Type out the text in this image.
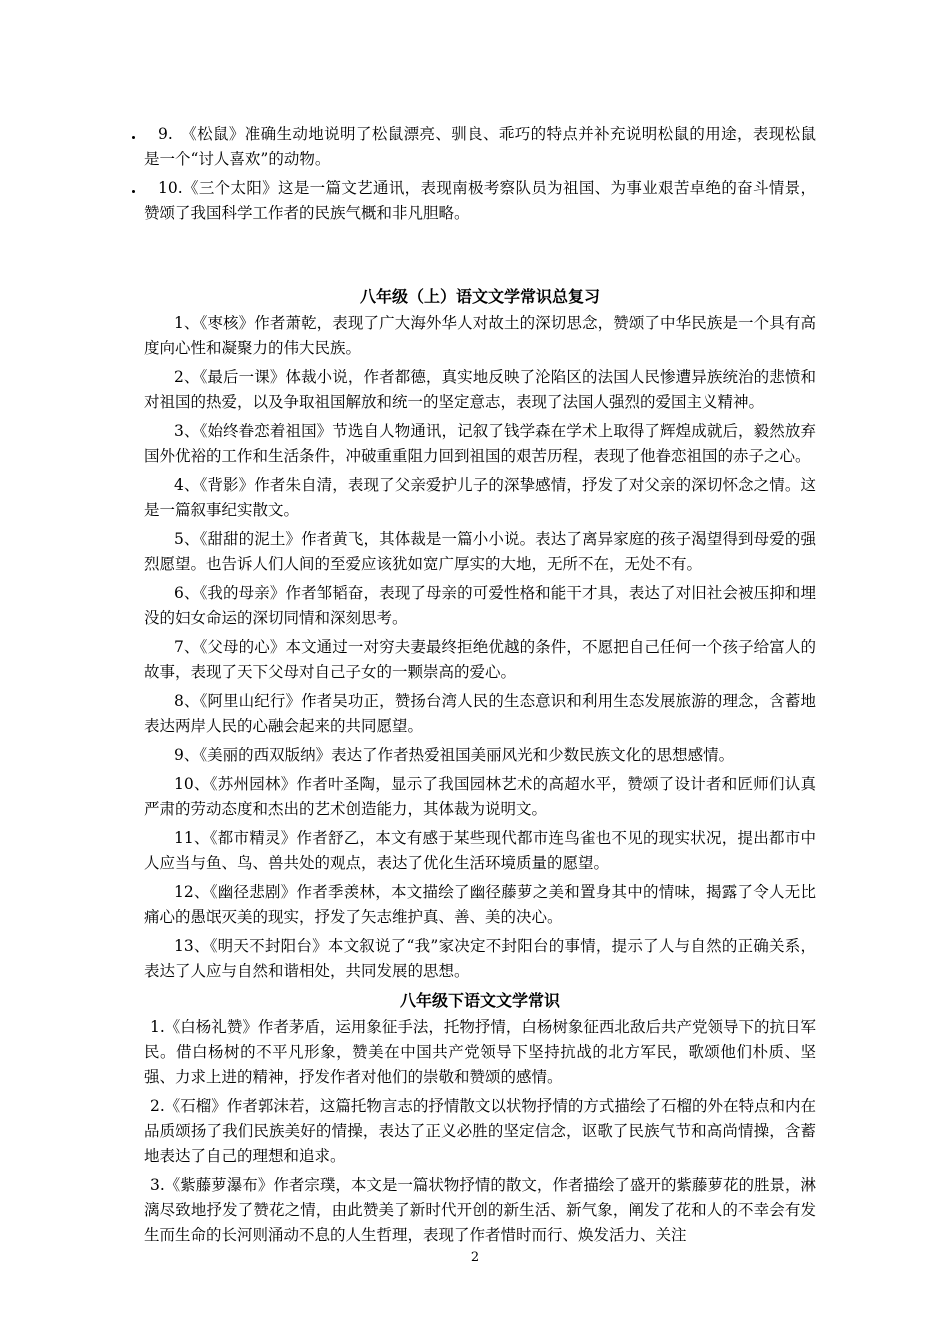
9.　《松鼠》准确生动地说明了松鼠漂亮、驯良、乖巧的特点并补充说明松鼠的用途，表现松鼠是一个“讨人喜欢”的动物。

10.《三个太阳》这是一篇文艺通讯，表现南极考察队员为祖国、为事业艰苦卓绝的奋斗情景，赞颂了我国科学工作者的民族气概和非凡胆略。

八年级（上）语文文学常识总复习

1、《枣核》作者萧乾，表现了广大海外华人对故土的深切思念，赞颂了中华民族是一个具有高度向心性和凝聚力的伟大民族。

2、《最后一课》体裁小说，作者都德，真实地反映了沦陷区的法国人民惨遭异族统治的悲愤和对祖国的热爱，以及争取祖国解放和统一的坚定意志，表现了法国人强烈的爱国主义精神。

3、《始终眷恋着祖国》节选自人物通讯，记叙了钱学森在学术上取得了辉煌成就后，毅然放弃国外优裕的工作和生活条件，冲破重重阻力回到祖国的艰苦历程，表现了他眷恋祖国的赤子之心。

4、《背影》作者朱自清，表现了父亲爱护儿子的深挚感情，抒发了对父亲的深切怀念之情。这是一篇叙事纪实散文。

5、《甜甜的泥土》作者黄飞，其体裁是一篇小小说。表达了离异家庭的孩子渴望得到母爱的强烈愿望。也告诉人们人间的至爱应该犹如宽广厚实的大地，无所不在，无处不有。

6、《我的母亲》作者邹韬奋，表现了母亲的可爱性格和能干才具，表达了对旧社会被压抑和埋没的妇女命运的深切同情和深刻思考。

7、《父母的心》本文通过一对穷夫妻最终拒绝优越的条件，不愿把自己任何一个孩子给富人的故事，表现了天下父母对自己子女的一颗崇高的爱心。

8、《阿里山纪行》作者吴功正，赞扬台湾人民的生态意识和利用生态发展旅游的理念，含蓄地表达两岸人民的心融会起来的共同愿望。

9、《美丽的西双版纳》表达了作者热爱祖国美丽风光和少数民族文化的思想感情。

10、《苏州园林》作者叶圣陶，显示了我国园林艺术的高超水平，赞颂了设计者和匠师们认真严肃的劳动态度和杰出的艺术创造能力，其体裁为说明文。

11、《都市精灵》作者舒乙，本文有感于某些现代都市连鸟雀也不见的现实状况，提出都市中人应当与鱼、鸟、兽共处的观点，表达了优化生活环境质量的愿望。

12、《幽径悲剧》作者季羡林，本文描绘了幽径藤萝之美和置身其中的情味，揭露了令人无比痛心的愚氓灭美的现实，抒发了矢志维护真、善、美的决心。

13、《明天不封阳台》本文叙说了“我”家决定不封阳台的事情，提示了人与自然的正确关系，表达了人应与自然和谐相处，共同发展的思想。

八年级下语文文学常识

1.《白杨礼赞》作者茅盾，运用象征手法，托物抒情，白杨树象征西北敌后共产党领导下的抗日军民。借白杨树的不平凡形象，赞美在中国共产党领导下坚持抗战的北方军民，歌颂他们朴质、坚强、力求上进的精神，抒发作者对他们的崇敬和赞颂的感情。

2.《石榴》作者郭沫若，这篇托物言志的抒情散文以状物抒情的方式描绘了石榴的外在特点和内在品质颂扬了我们民族美好的情操，表达了正义必胜的坚定信念，讴歌了民族气节和高尚情操，含蓄地表达了自己的理想和追求。

3.《紫藤萝瀑布》作者宗璞，本文是一篇状物抒情的散文，作者描绘了盛开的紫藤萝花的胜景，淋漓尽致地抒发了赞花之情，由此赞美了新时代开创的新生活、新气象，阐发了花和人的不幸会有发生而生命的长河则涌动不息的人生哲理，表现了作者惜时而行、焕发活力、关注

2
